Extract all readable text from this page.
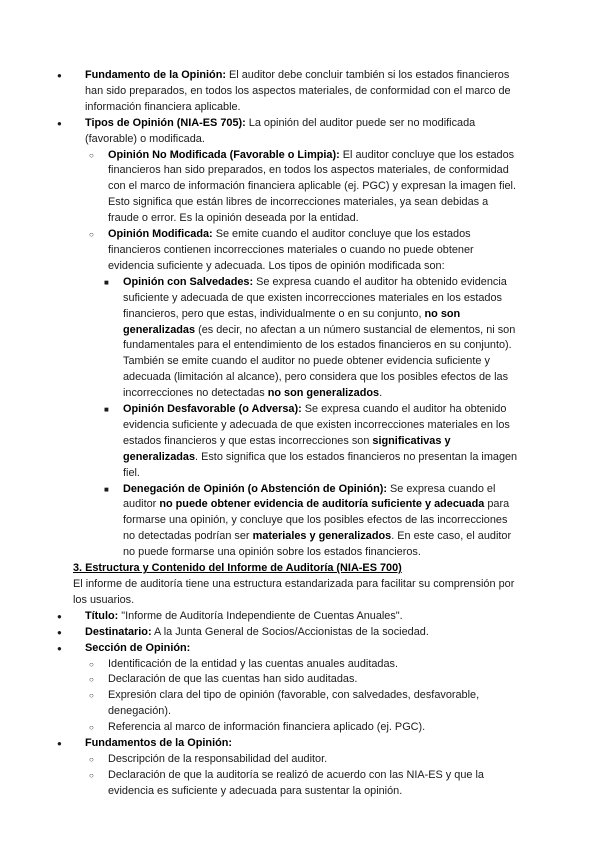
● Fundamento de la Opinión: El auditor debe concluir también si los estados financieros han sido preparados, en todos los aspectos materiales, de conformidad con el marco de información financiera aplicable.
● Tipos de Opinión (NIA-ES 705): La opinión del auditor puede ser no modificada (favorable) o modificada.
○ Opinión No Modificada (Favorable o Limpia): El auditor concluye que los estados financieros han sido preparados, en todos los aspectos materiales, de conformidad con el marco de información financiera aplicable (ej. PGC) y expresan la imagen fiel. Esto significa que están libres de incorrecciones materiales, ya sean debidas a fraude o error. Es la opinión deseada por la entidad.
○ Opinión Modificada: Se emite cuando el auditor concluye que los estados financieros contienen incorrecciones materiales o cuando no puede obtener evidencia suficiente y adecuada. Los tipos de opinión modificada son:
■ Opinión con Salvedades: Se expresa cuando el auditor ha obtenido evidencia suficiente y adecuada de que existen incorrecciones materiales en los estados financieros, pero que estas, individualmente o en su conjunto, no son generalizadas (es decir, no afectan a un número sustancial de elementos, ni son fundamentales para el entendimiento de los estados financieros en su conjunto). También se emite cuando el auditor no puede obtener evidencia suficiente y adecuada (limitación al alcance), pero considera que los posibles efectos de las incorrecciones no detectadas no son generalizados.
■ Opinión Desfavorable (o Adversa): Se expresa cuando el auditor ha obtenido evidencia suficiente y adecuada de que existen incorrecciones materiales en los estados financieros y que estas incorrecciones son significativas y generalizadas. Esto significa que los estados financieros no presentan la imagen fiel.
■ Denegación de Opinión (o Abstención de Opinión): Se expresa cuando el auditor no puede obtener evidencia de auditoría suficiente y adecuada para formarse una opinión, y concluye que los posibles efectos de las incorrecciones no detectadas podrían ser materiales y generalizados. En este caso, el auditor no puede formarse una opinión sobre los estados financieros.
3. Estructura y Contenido del Informe de Auditoría (NIA-ES 700)
El informe de auditoría tiene una estructura estandarizada para facilitar su comprensión por los usuarios.
● Título: "Informe de Auditoría Independiente de Cuentas Anuales".
● Destinatario: A la Junta General de Socios/Accionistas de la sociedad.
● Sección de Opinión:
○ Identificación de la entidad y las cuentas anuales auditadas.
○ Declaración de que las cuentas han sido auditadas.
○ Expresión clara del tipo de opinión (favorable, con salvedades, desfavorable, denegación).
○ Referencia al marco de información financiera aplicado (ej. PGC).
● Fundamentos de la Opinión:
○ Descripción de la responsabilidad del auditor.
○ Declaración de que la auditoría se realizó de acuerdo con las NIA-ES y que la evidencia es suficiente y adecuada para sustentar la opinión.
